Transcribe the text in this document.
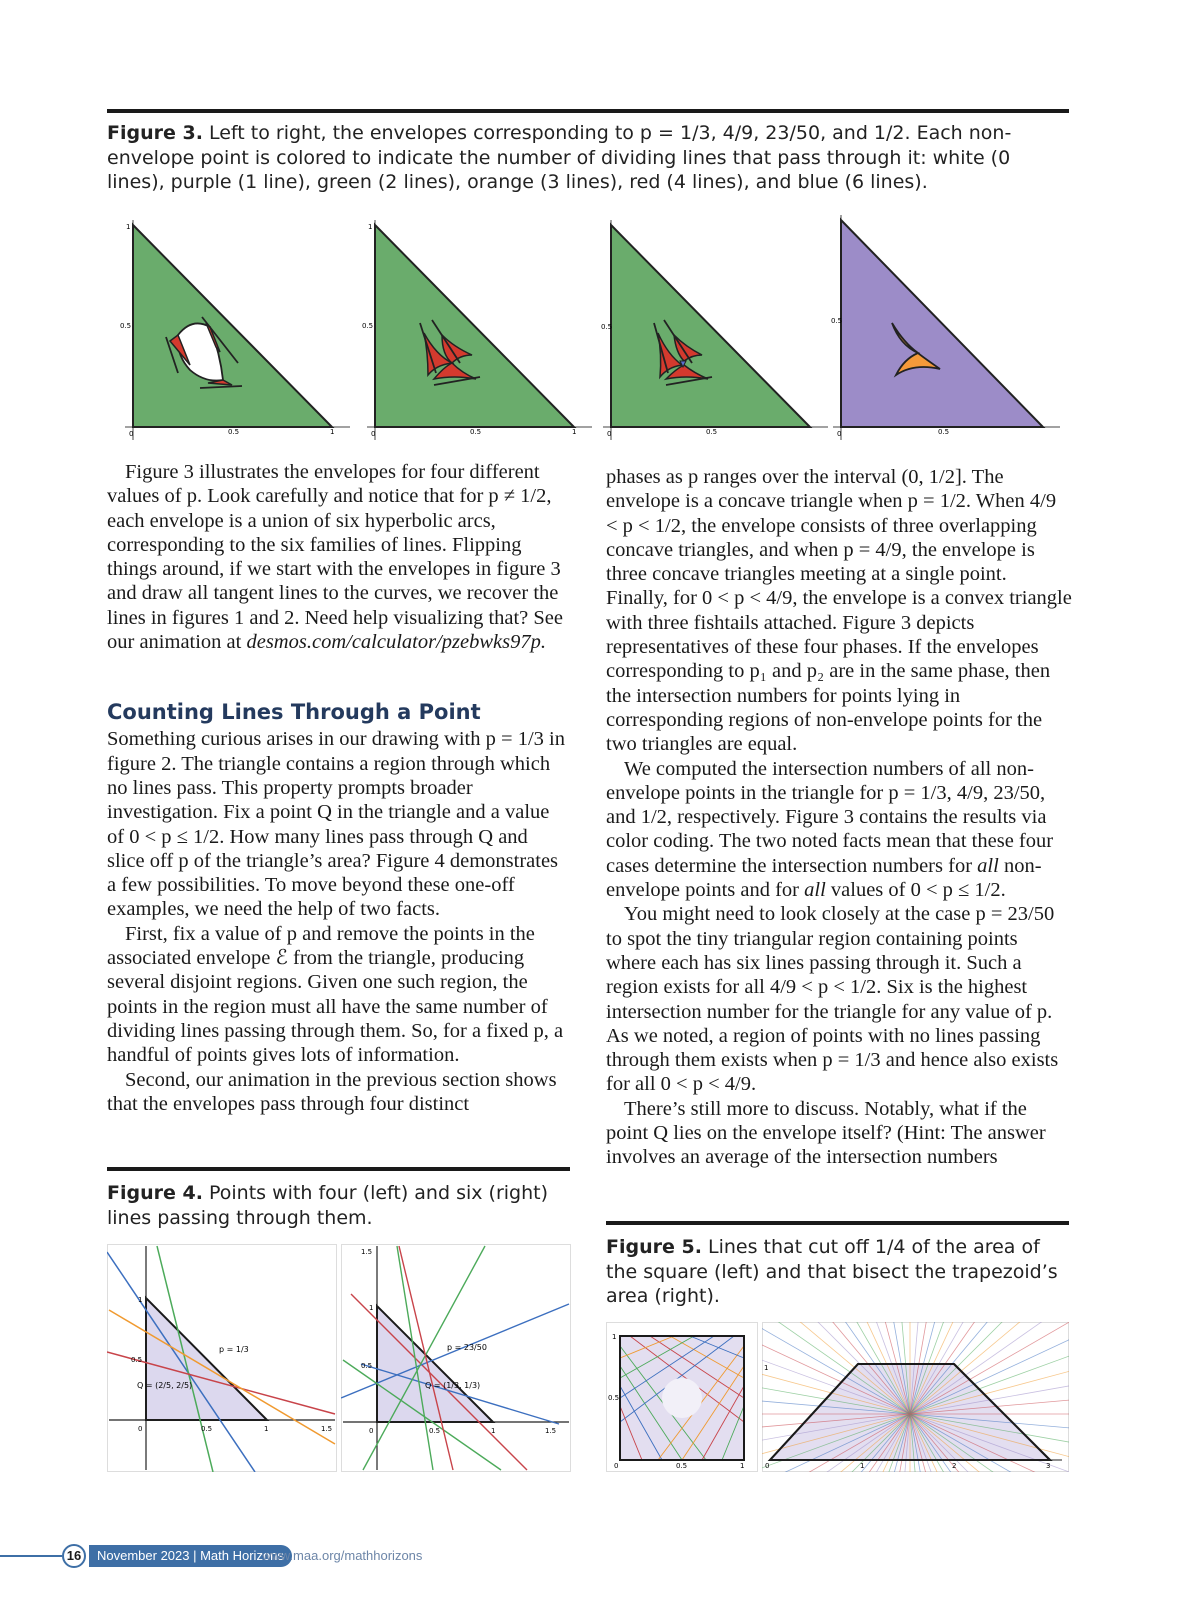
Figure 3. Left to right, the envelopes corresponding to p = 1/3, 4/9, 23/50, and 1/2. Each non-envelope point is colored to indicate the number of dividing lines that pass through it: white (0 lines), purple (1 line), green (2 lines), orange (3 lines), red (4 lines), and blue (6 lines).

1
0.5
0	0.5	1
1
0.5
0	0.5	1
0.5
0	0.5
0.5
0	0.5

Figure 3 illustrates the envelopes for four different values of p. Look carefully and notice that for p ≠ 1/2, each envelope is a union of six hyperbolic arcs, corresponding to the six families of lines. Flipping things around, if we start with the envelopes in figure 3 and draw all tangent lines to the curves, we recover the lines in figures 1 and 2. Need help visualizing that? See our animation at desmos.com/calculator/pzebwks97p.

Counting Lines Through a Point

Something curious arises in our drawing with p = 1/3 in figure 2. The triangle contains a region through which no lines pass. This property prompts broader investigation. Fix a point Q in the triangle and a value of 0 < p ≤ 1/2. How many lines pass through Q and slice off p of the triangle’s area? Figure 4 demonstrates a few possibilities. To move beyond these one-off examples, we need the help of two facts.

First, fix a value of p and remove the points in the associated envelope ℰ from the triangle, producing several disjoint regions. Given one such region, the points in the region must all have the same number of dividing lines passing through them. So, for a fixed p, a handful of points gives lots of information.

Second, our animation in the previous section shows that the envelopes pass through four distinct

phases as p ranges over the interval (0, 1/2]. The envelope is a concave triangle when p = 1/2. When 4/9 < p < 1/2, the envelope consists of three overlapping concave triangles, and when p = 4/9, the envelope is three concave triangles meeting at a single point. Finally, for 0 < p < 4/9, the envelope is a convex triangle with three fishtails attached. Figure 3 depicts representatives of these four phases. If the envelopes corresponding to p₁ and p₂ are in the same phase, then the intersection numbers for points lying in corresponding regions of non-envelope points for the two triangles are equal.

We computed the intersection numbers of all non-envelope points in the triangle for p = 1/3, 4/9, 23/50, and 1/2, respectively. Figure 3 contains the results via color coding. The two noted facts mean that these four cases determine the intersection numbers for all non-envelope points and for all values of 0 < p ≤ 1/2.

You might need to look closely at the case p = 23/50 to spot the tiny triangular region containing points where each has six lines passing through it. Such a region exists for all 4/9 < p < 1/2. Six is the highest intersection number for the triangle for any value of p. As we noted, a region of points with no lines passing through them exists when p = 1/3 and hence also exists for all 0 < p < 4/9.

There’s still more to discuss. Notably, what if the point Q lies on the envelope itself? (Hint: The answer involves an average of the intersection numbers

Figure 4. Points with four (left) and six (right) lines passing through them.

p = 1/3
Q = (2/5, 2/5)
1
0.5
0	0.5	1	1.5
p = 23/50
Q = (1/3, 1/3)
1.5
1
0.5
0	0.5	1	1.5

Figure 5. Lines that cut off 1/4 of the area of the square (left) and that bisect the trapezoid’s area (right).

1
0.5
0	0.5	1
1
0	1	2	3
16	November 2023 | Math Horizons
www.maa.org/mathhorizons
